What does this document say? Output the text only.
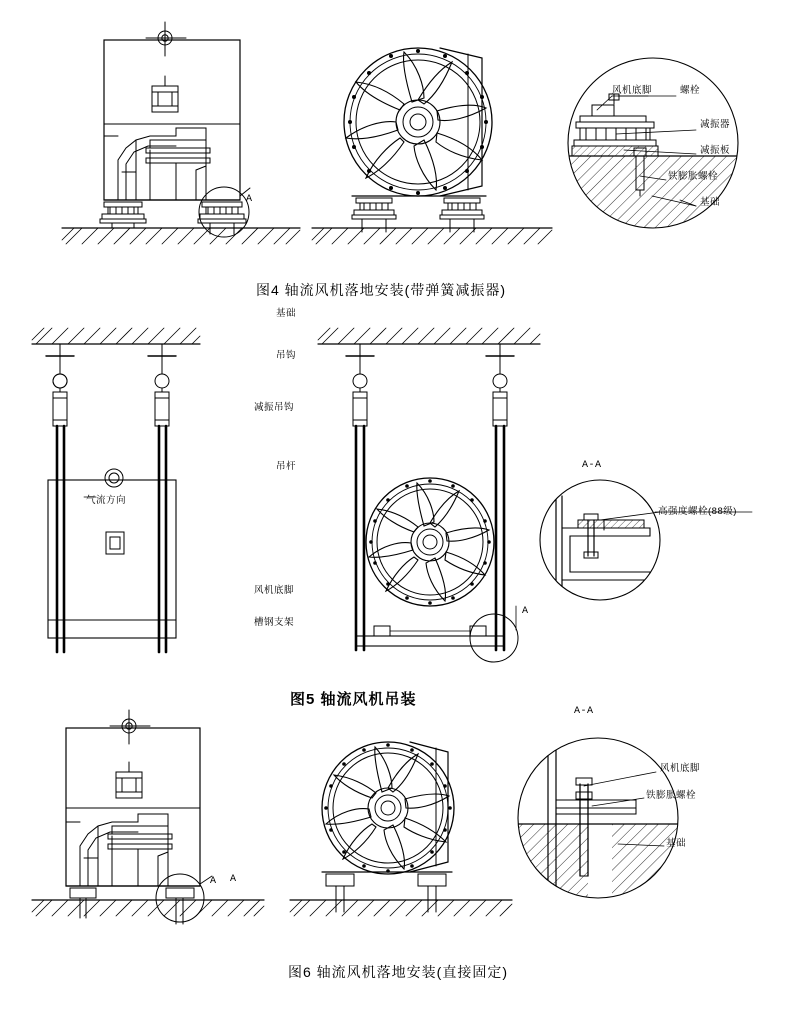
风机底脚	螺栓
减振器
减振板
铁膨胀螺栓
基础
A
图4 轴流风机落地安装(带弹簧减振器)
基础
吊钩
减振吊钩
吊杆
气流方向
风机底脚
槽钢支架
A
A-A
高强度螺栓(88级)
图5 轴流风机吊装
A-A
A A
风机底脚
铁膨胀螺栓
基础
图6 轴流风机落地安装(直接固定)
